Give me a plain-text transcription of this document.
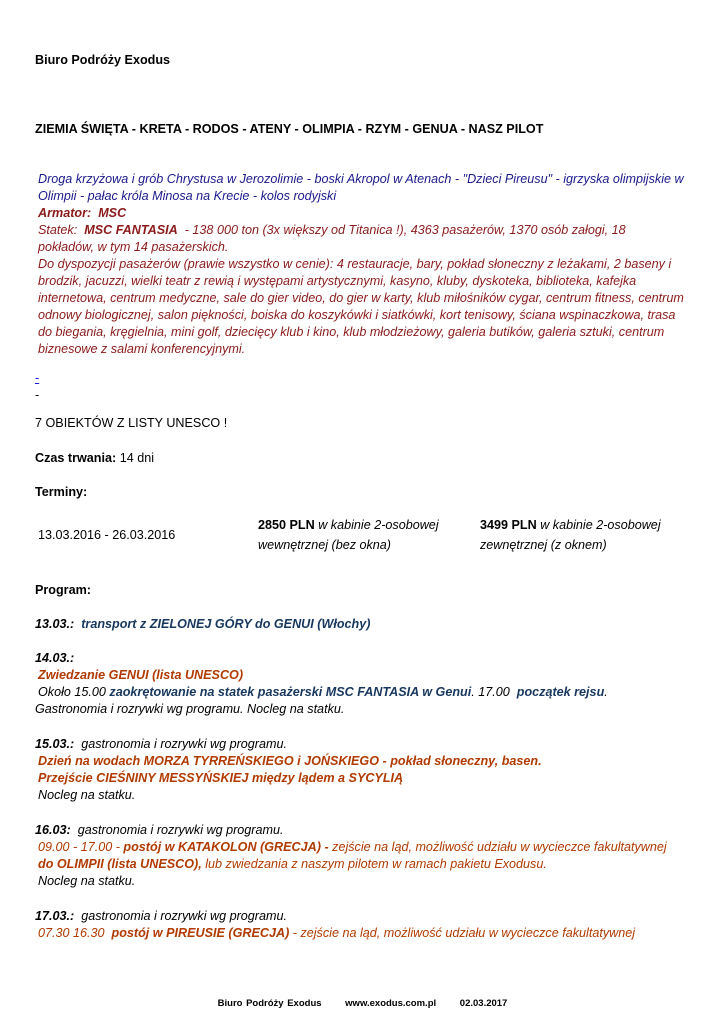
Biuro Podróży Exodus
ZIEMIA ŚWIĘTA - KRETA - RODOS - ATENY - OLIMPIA - RZYM - GENUA - NASZ PILOT
Droga krzyżowa i grób Chrystusa w Jerozolimie - boski Akropol w Atenach - "Dzieci Pireusu" - igrzyska olimpijskie w Olimpii - pałac króla Minosa na Krecie - kolos rodyjski
Armator: MSC
Statek: MSC FANTASIA - 138 000 ton (3x większy od Titanica !), 4363 pasażerów, 1370 osób załogi, 18 pokładów, w tym 14 pasażerskich.
Do dyspozycji pasażerów (prawie wszystko w cenie): 4 restauracje, bary, pokład słoneczny z leżakami, 2 baseny i brodzik, jacuzzi, wielki teatr z rewią i występami artystycznymi, kasyno, kluby, dyskoteka, biblioteka, kafejka internetowa, centrum medyczne, sale do gier video, do gier w karty, klub miłośników cygar, centrum fitness, centrum odnowy biologicznej, salon piękności, boiska do koszykówki i siatkówki, kort tenisowy, ściana wspinaczkowa, trasa do biegania, kręgielnia, mini golf, dziecięcy klub i kino, klub młodzieżowy, galeria butików, galeria sztuki, centrum biznesowe z salami konferencyjnymi.
-
-
7 OBIEKTÓW Z LISTY UNESCO !
Czas trwania: 14 dni
Terminy:
13.03.2016 - 26.03.2016	
2850 PLN w kabinie 2-osobowej
wewnętrznej (bez okna)

3499 PLN w kabinie 2-osobowej
zewnętrznej (z oknem)
Program:
13.03.: transport z ZIELONEJ GÓRY do GENUI (Włochy)
14.03.:
Zwiedzanie GENUI (lista UNESCO)
Około 15.00 zaokrętowanie na statek pasażerski MSC FANTASIA w Genui. 17.00 początek rejsu.
Gastronomia i rozrywki wg programu. Nocleg na statku.
15.03.: gastronomia i rozrywki wg programu.
Dzień na wodach MORZA TYRREŃSKIEGO i JOŃSKIEGO - pokład słoneczny, basen.
Przejście CIEŚNINY MESSYŃSKIEJ między lądem a SYCYLIĄ
Nocleg na statku.
16.03: gastronomia i rozrywki wg programu.
09.00 - 17.00 - postój w KATAKOLON (GRECJA) - zejście na ląd, możliwość udziału w wycieczce fakultatywnej do OLIMPII (lista UNESCO), lub zwiedzania z naszym pilotem w ramach pakietu Exodusu.
Nocleg na statku.
17.03.: gastronomia i rozrywki wg programu.
07.30 16.30 postój w PIREUSIE (GRECJA) - zejście na ląd, możliwość udziału w wycieczce fakultatywnej
Biuro Podróży Exodus www.exodus.com.pl 02.03.2017
